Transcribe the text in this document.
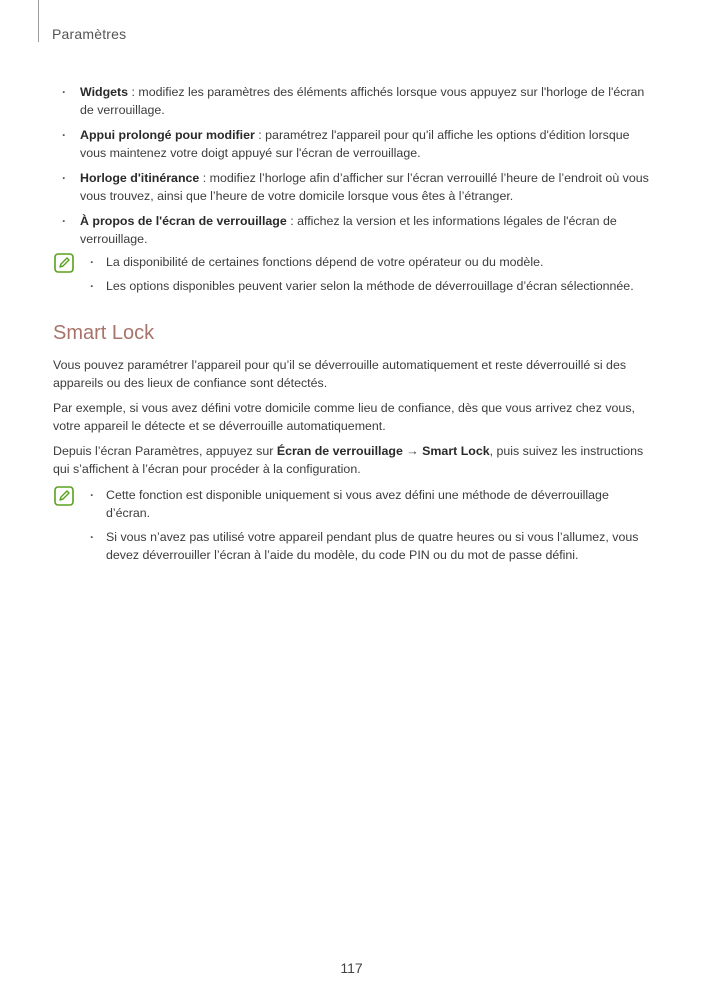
Paramètres
· Widgets : modifiez les paramètres des éléments affichés lorsque vous appuyez sur l'horloge de l'écran de verrouillage.
· Appui prolongé pour modifier : paramétrez l'appareil pour qu'il affiche les options d'édition lorsque vous maintenez votre doigt appuyé sur l'écran de verrouillage.
· Horloge d'itinérance : modifiez l’horloge afin d’afficher sur l’écran verrouillé l’heure de l’endroit où vous vous trouvez, ainsi que l’heure de votre domicile lorsque vous êtes à l’étranger.
· À propos de l'écran de verrouillage : affichez la version et les informations légales de l'écran de verrouillage.
· La disponibilité de certaines fonctions dépend de votre opérateur ou du modèle.
· Les options disponibles peuvent varier selon la méthode de déverrouillage d’écran sélectionnée.
Smart Lock

Vous pouvez paramétrer l’appareil pour qu’il se déverrouille automatiquement et reste déverrouillé si des appareils ou des lieux de confiance sont détectés.

Par exemple, si vous avez défini votre domicile comme lieu de confiance, dès que vous arrivez chez vous, votre appareil le détecte et se déverrouille automatiquement.

Depuis l’écran Paramètres, appuyez sur Écran de verrouillage → Smart Lock, puis suivez les instructions qui s’affichent à l’écran pour procéder à la configuration.

· Cette fonction est disponible uniquement si vous avez défini une méthode de déverrouillage d’écran.
· Si vous n’avez pas utilisé votre appareil pendant plus de quatre heures ou si vous l’allumez, vous devez déverrouiller l’écran à l’aide du modèle, du code PIN ou du mot de passe défini.
117
